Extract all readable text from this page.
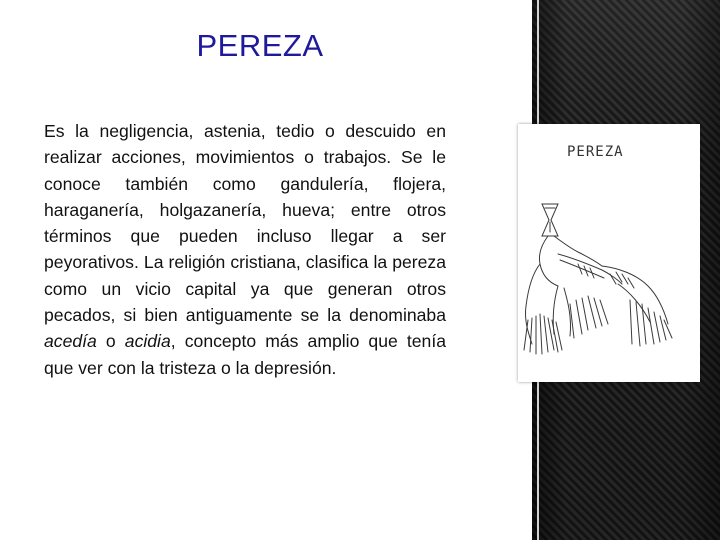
PEREZA

Es la negligencia, astenia, tedio o descuido en realizar acciones, movimientos o trabajos. Se le conoce también como gandulería, flojera, haraganería, holgazanería, hueva; entre otros términos que pueden incluso llegar a ser peyorativos. La religión cristiana, clasifica la pereza como un vicio capital ya que generan otros pecados, si bien antiguamente se la denominaba acedía o acidia, concepto más amplio que tenía que ver con la tristeza o la depresión.

PEREZA
